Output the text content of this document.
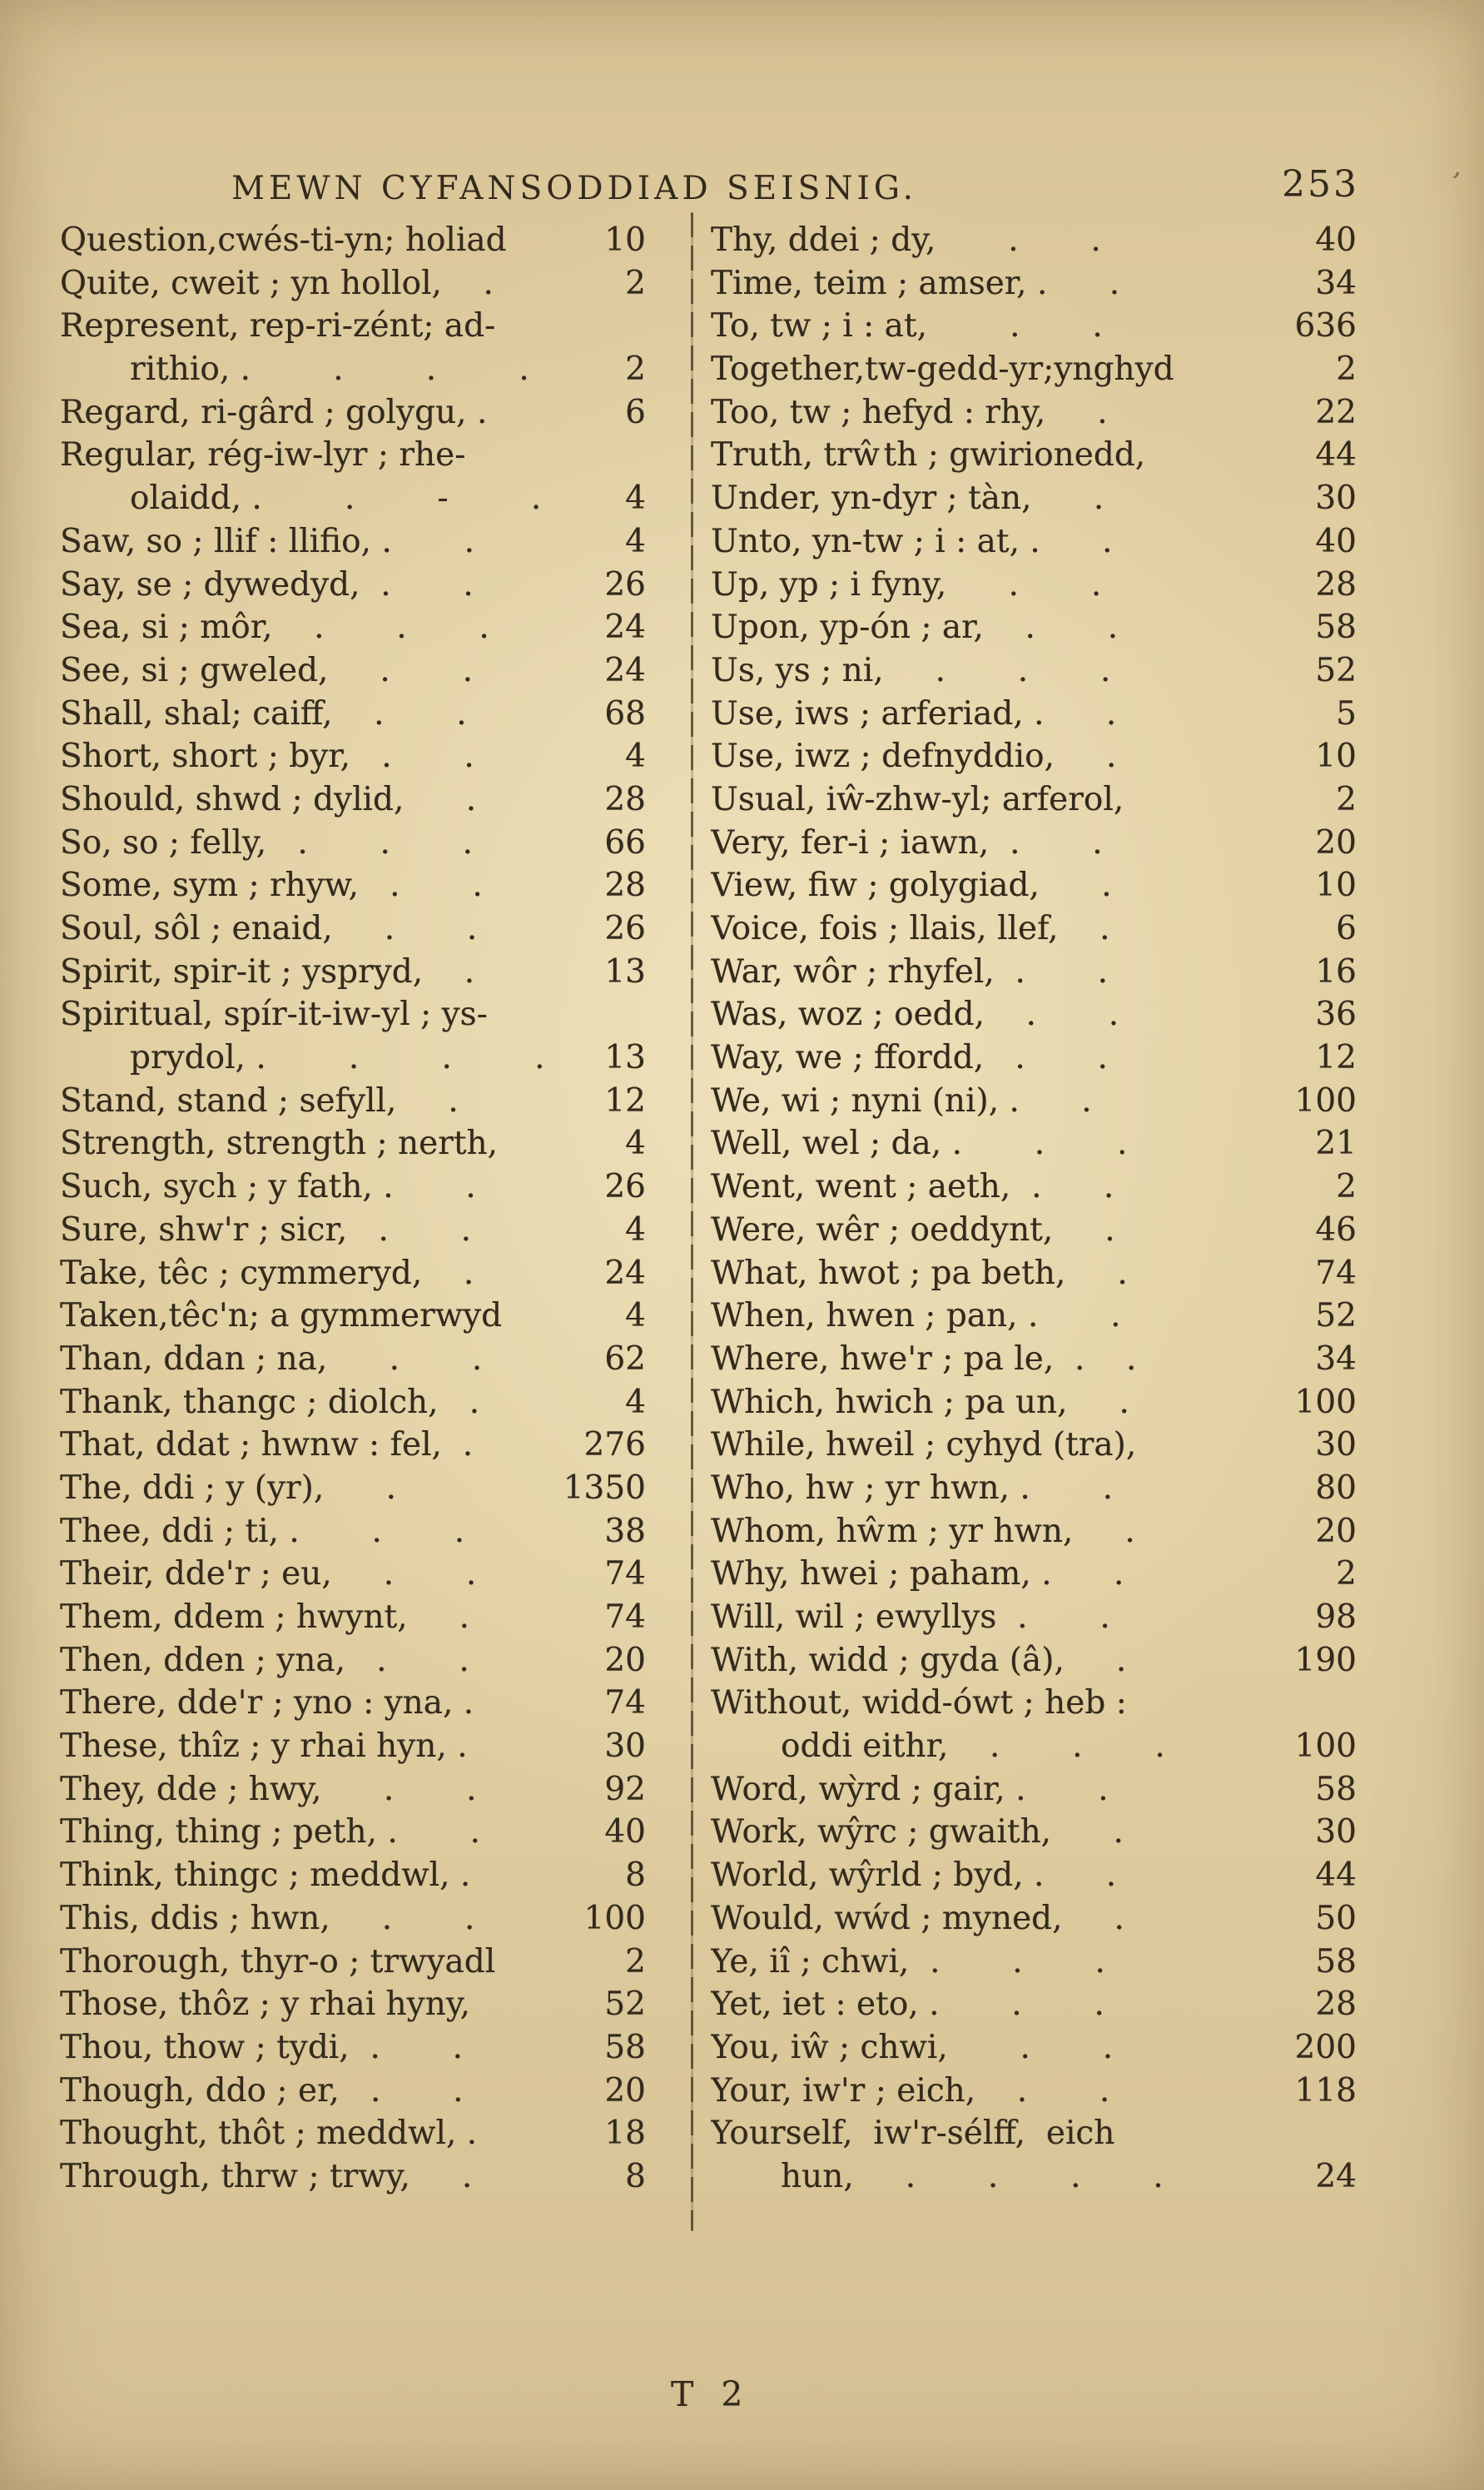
MEWN CYFANSODDIAD SEISNIG.	253	’
Question,cwés-ti-yn; holiad	10
Quite, cweit ; yn hollol,    .	2
Represent, rep-ri-zént; ad-
rithio, .        .        .        .	2
Regard, ri-gârd ; golygu, .	6
Regular, rég-iw-lyr ; rhe-
olaidd, .        .        -        .	4
Saw, so ; llif : llifio, .       .	4
Say, se ; dywedyd,  .       .	26
Sea, si ; môr,    .       .       .	24
See, si ; gweled,     .       .	24
Shall, shal; caiff,    .       .	68
Short, short ; byr,   .       .	4
Should, shwd ; dylid,      .	28
So, so ; felly,   .       .       .	66
Some, sym ; rhyw,   .       .	28
Soul, sôl ; enaid,     .       .	26
Spirit, spir-it ; yspryd,    .	13
Spiritual, spír-it-iw-yl ; ys-
prydol, .        .        .        .	13
Stand, stand ; sefyll,     .	12
Strength, strength ; nerth,	4
Such, sych ; y fath, .       .	26
Sure, shw'r ; sicr,   .       .	4
Take, têc ; cymmeryd,    .	24
Taken,têc'n; a gymmerwyd	4
Than, ddan ; na,      .       .	62
Thank, thangc ; diolch,   .	4
That, ddat ; hwnw : fel,  .	276
The, ddi ; y (yr),      .	1350
Thee, ddi ; ti, .       .       .	38
Their, dde'r ; eu,     .       .	74
Them, ddem ; hwynt,     .	74
Then, dden ; yna,   .       .	20
There, dde'r ; yno : yna, .	74
These, thîz ; y rhai hyn, .	30
They, dde ; hwy,      .       .	92
Thing, thing ; peth, .       .	40
Think, thingc ; meddwl, .	8
This, ddis ; hwn,     .       .	100
Thorough, thyr-o ; trwyadl	2
Those, thôz ; y rhai hyny,	52
Thou, thow ; tydi,  .       .	58
Though, ddo ; er,   .       .	20
Thought, thôt ; meddwl, .	18
Through, thrw ; trwy,     .	8
Thy, ddei ; dy,       .       .	40
Time, teim ; amser, .      .	34
To, tw ; i : at,        .       .	636
Together,tw-gedd-yr;ynghyd	2
Too, tw ; hefyd : rhy,     .	22
Truth, trŵth ; gwirionedd,	44
Under, yn-dyr ; tàn,      .	30
Unto, yn-tw ; i : at, .      .	40
Up, yp ; i fyny,      .       .	28
Upon, yp-ón ; ar,    .       .	58
Us, ys ; ni,     .       .       .	52
Use, iws ; arferiad, .      .	5
Use, iwz ; defnyddio,     .	10
Usual, iŵ-zhw-yl; arferol,	2
Very, fer-i ; iawn,  .       .	20
View, fiw ; golygiad,      .	10
Voice, fois ; llais, llef,    .	6
War, wôr ; rhyfel,  .       .	16
Was, woz ; oedd,    .       .	36
Way, we ; ffordd,   .       .	12
We, wi ; nyni (ni), .      .	100
Well, wel ; da, .       .       .	21
Went, went ; aeth,  .      .	2
Were, wêr ; oeddynt,     .	46
What, hwot ; pa beth,     .	74
When, hwen ; pan, .       .	52
Where, hwe'r ; pa le,  .    .	34
Which, hwich ; pa un,     .	100
While, hweil ; cyhyd (tra),	30
Who, hw ; yr hwn, .       .	80
Whom, hŵm ; yr hwn,     .	20
Why, hwei ; paham, .      .	2
Will, wil ; ewyllys  .       .	98
With, widd ; gyda (â),     .	190
Without, widd-ówt ; heb :
oddi eithr,    .       .       .	100
Word, wỳrd ; gair, .       .	58
Work, wŷrc ; gwaith,      .	30
World, wŷrld ; byd, .      .	44
Would, wẃd ; myned,     .	50
Ye, iî ; chwi,  .       .       .	58
Yet, iet : eto, .       .       .	28
You, iŵ ; chwi,       .       .	200
Your, iw'r ; eich,    .       .	118
Yourself,  iw'r-sélff,  eich
hun,     .       .       .       .	24
T 2
